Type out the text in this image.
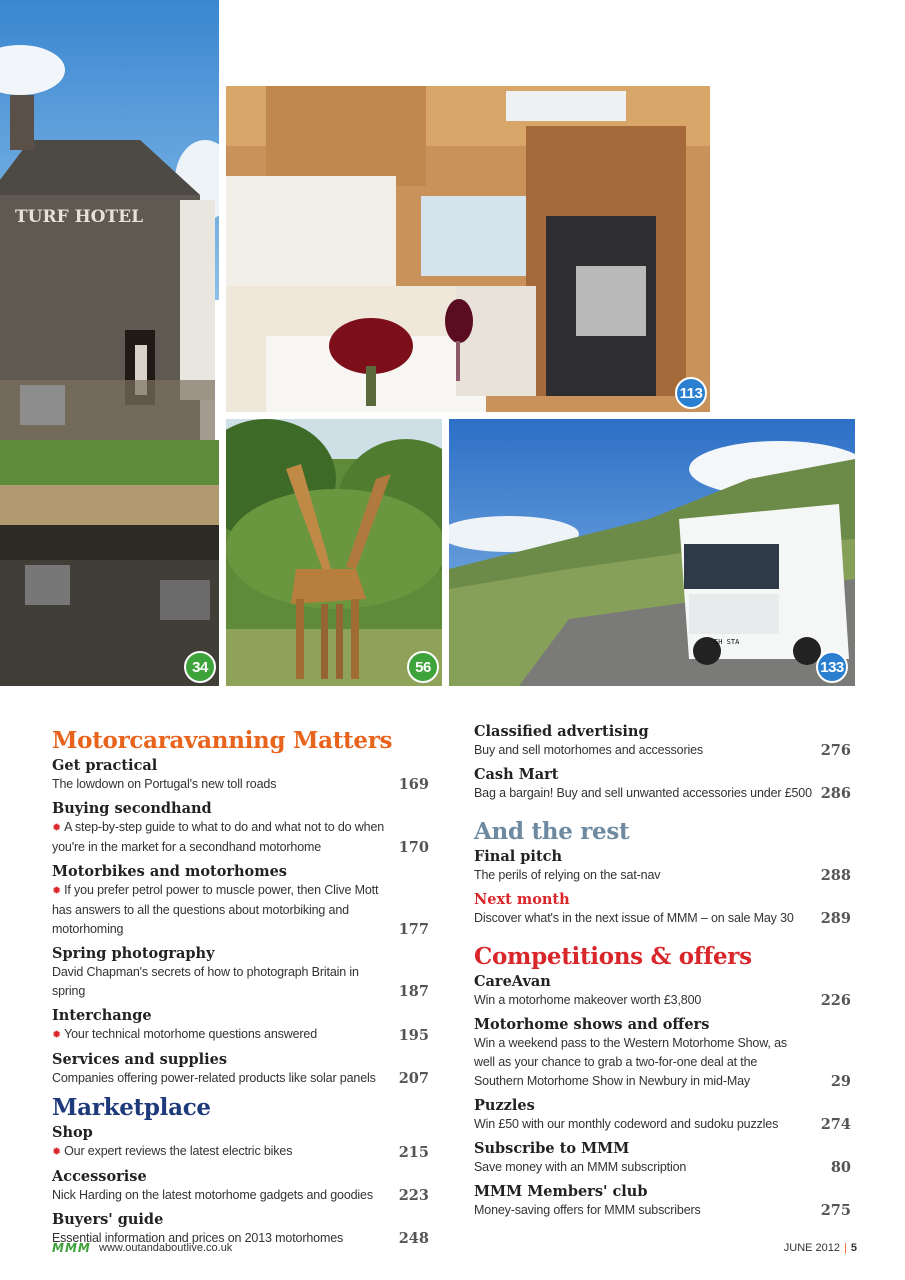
TURF HOTEL
34
113
56
EH STA
133
Motorcaravanning Matters
Get practical
The lowdown on Portugal's new toll roads	169
Buying secondhand
✹ A step-by-step guide to what to do and what not to do when you're in the market for a secondhand motorhome	170
Motorbikes and motorhomes
✹ If you prefer petrol power to muscle power, then Clive Mott has answers to all the questions about motorbiking and motorhoming	177
Spring photography
David Chapman's secrets of how to photograph Britain in spring	187
Interchange
✹ Your technical motorhome questions answered	195
Services and supplies
Companies offering power-related products like solar panels	207
Marketplace
Shop
✹ Our expert reviews the latest electric bikes	215
Accessorise
Nick Harding on the latest motorhome gadgets and goodies	223
Buyers' guide
Essential information and prices on 2013 motorhomes	248
Classified advertising
Buy and sell motorhomes and accessories	276
Cash Mart
Bag a bargain! Buy and sell unwanted accessories under £500 286
And the rest
Final pitch
The perils of relying on the sat-nav	288
Next month
Discover what's in the next issue of MMM – on sale May 30	289
Competitions & offers
CareAvan
Win a motorhome makeover worth £3,800	226
Motorhome shows and offers
Win a weekend pass to the Western Motorhome Show, as well as your chance to grab a two-for-one deal at the Southern Motorhome Show in Newbury in mid-May	29
Puzzles
Win £50 with our monthly codeword and sudoku puzzles	274
Subscribe to MMM
Save money with an MMM subscription	80
MMM Members' club
Money-saving offers for MMM subscribers	275
MMM www.outandaboutlive.co.uk	JUNE 2012 | 5
